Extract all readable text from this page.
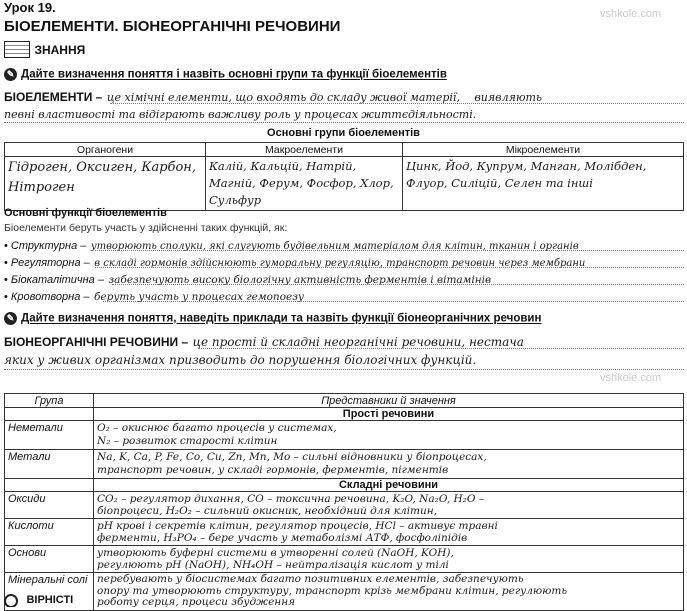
vshkole.com
vshkole.com
Урок 19.
БІОЕЛЕМЕНТИ. БІОНЕОРГАНІЧНІ РЕЧОВИНИ
ЗНАННЯ
✎ Дайте визначення поняття і назвіть основні групи та функції біоелементів
БІОЕЛЕМЕНТИ – це хімічні елементи, що входять до складу живої матерії, виявляють
певні властивості та відіграють важливу роль у процесах життєдіяльності.
Основні групи біоелементів
Органогени	Макроелементи	Мікроелементи
Гідроген, Оксиген, Карбон, Нітроген	Калій, Кальцій, Натрій, Магній, Ферум, Фосфор, Хлор, Сульфур	Цинк, Йод, Купрум, Манган, Молібден, Флуор, Силіцій, Селен та інші
Основні функції біоелементів
Біоелементи беруть участь у здійсненні таких функцій, як:
• Структурна – утворюють сполуки, які слугують будівельним матеріалом для клітин, тканин і органів
• Регуляторна – в складі гормонів здійснюють гуморальну регуляцію, транспорт речовин через мембрани
• Біокаталітична – забезпечують високу біологічну активність ферментів і вітамінів
• Кровотворна – беруть участь у процесах гемопоезу
✎ Дайте визначення поняття, наведіть приклади та назвіть функції біонеорганічних речовин
БІОНЕОРГАНІЧНІ РЕЧОВИНИ – це прості й складні неорганічні речовини, нестача
яких у живих організмах призводить до порушення біологічних функцій.
Група	Представники й значення
	Прості речовини
Неметали	O₂ – окиснює багато процесів у системах,
N₂ – розвиток старості клітин

Метали	Na, K, Ca, P, Fe, Co, Cu, Zn, Mn, Mo – сильні відновники у біопроцесах,
транспорт речовин, у складі гормонів, ферментів, пігментів

	Складні речовини
Оксиди	CO₂ – регулятор дихання, CO – токсична речовина, K₂O, Na₂O, H₂O –
біопроцеси, H₂O₂ – сильний окисник, необхідний для клітин,

Кислоти	pH крові і секретів клітин, регулятор процесів, HCl – активує травні
ферменти, H₃PO₄ – бере участь у метаболізмі АТФ, фосфоліпідів

Основи	утворюють буферні системи в утворенні солей (NaOH, KOH),
регулюють pH (NaOH), NH₄OH – нейтралізація кислот у тілі

Мінеральні солі	перебувають у біосистемах багато позитивних елементів, забезпечують
опору та утворюють структуру, транспорт крізь мембрани клітин, регулюють
роботу серця, процеси збудження
$^{ВІРНІСТІ}$
